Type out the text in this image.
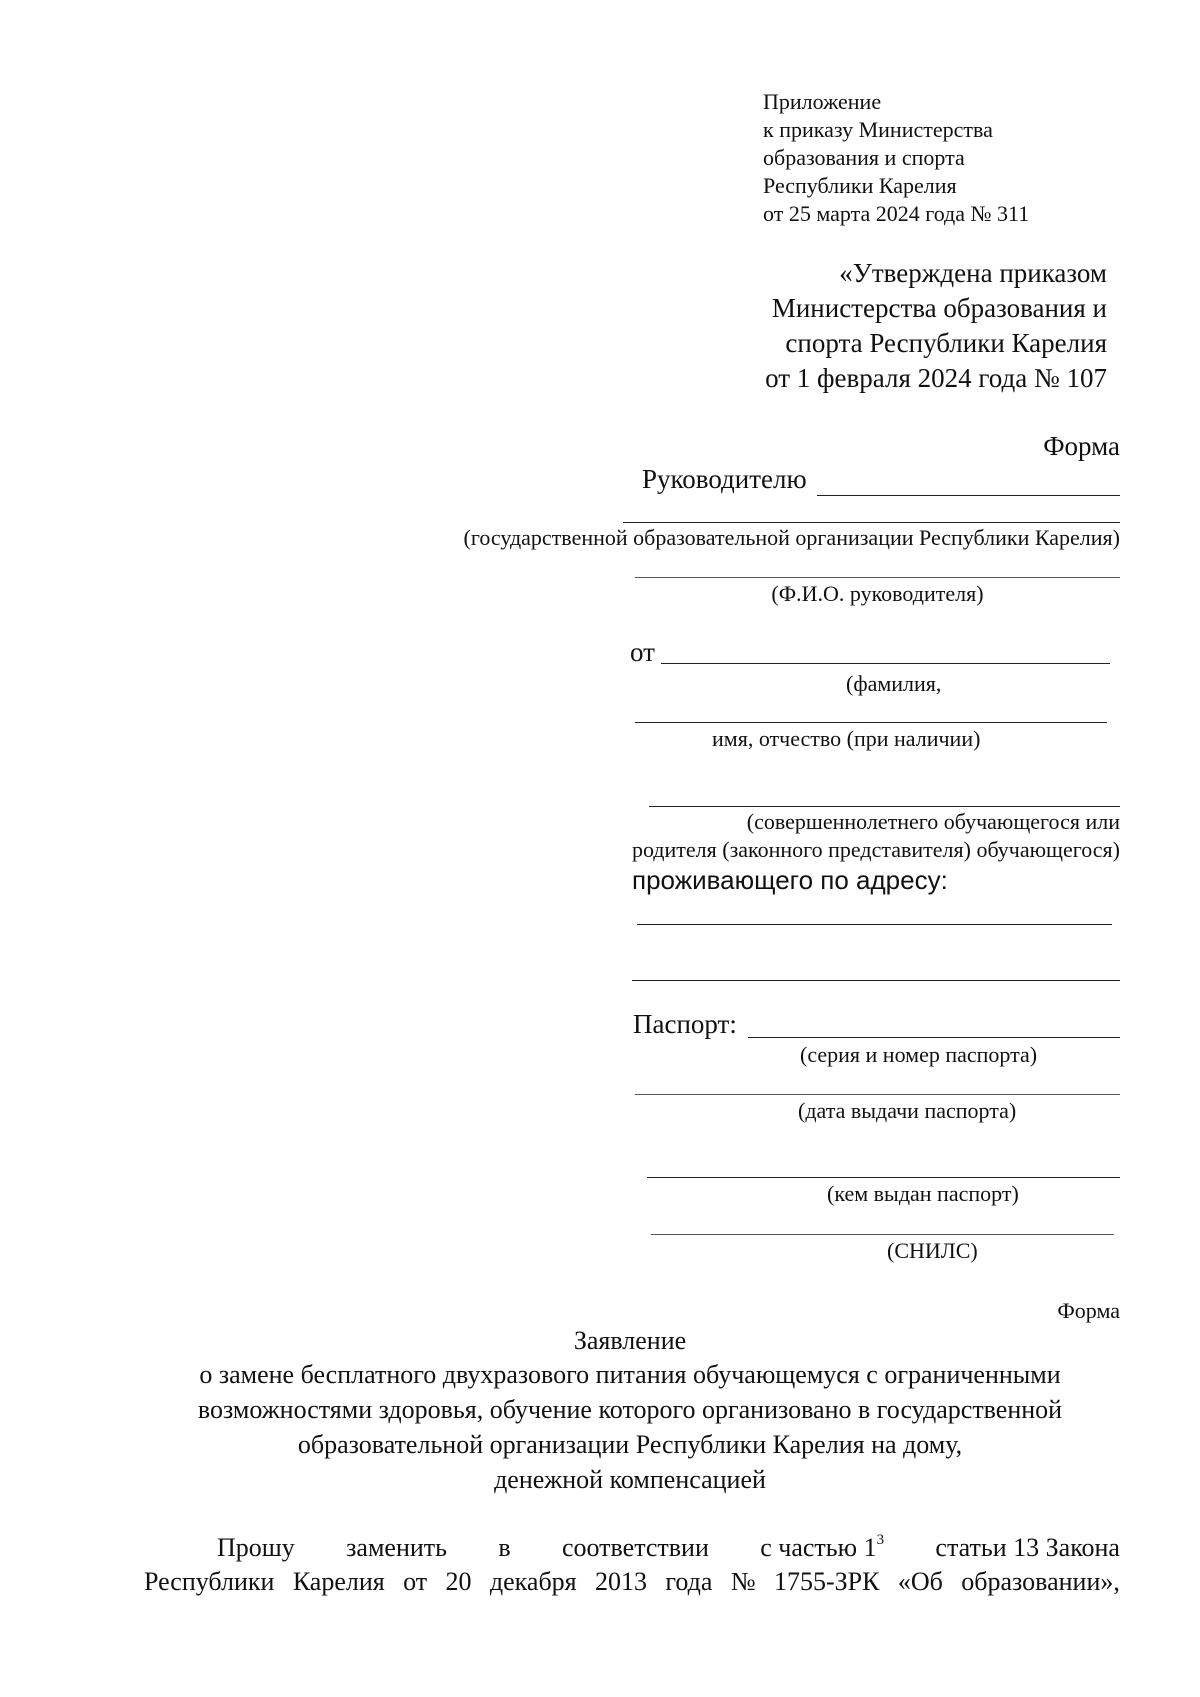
Приложение
к приказу Министерства
образования и спорта
Республики Карелия
от 25 марта 2024 года № 311
«Утверждена приказом
Министерства образования и
спорта Республики Карелия
от 1 февраля 2024 года № 107
Форма
Руководителю
(государственной образовательной организации Республики Карелия)
(Ф.И.О. руководителя)
от
(фамилия,
имя, отчество (при наличии)
(совершеннолетнего обучающегося или
родителя (законного представителя) обучающегося)
проживающего по адресу:
Паспорт:
(серия и номер паспорта)
(дата выдачи паспорта)
(кем выдан паспорт)
(СНИЛС)
Форма
Заявление
о замене бесплатного двухразового питания обучающемуся с ограниченными
возможностями здоровья, обучение которого организовано в государственной
образовательной организации Республики Карелия на дому,
денежной компенсацией
Прошу заменить в соответствии с частью $1^3$ статьи 13 Закона
Республики Карелия от 20 декабря 2013 года № 1755-ЗРК «Об образовании»,
